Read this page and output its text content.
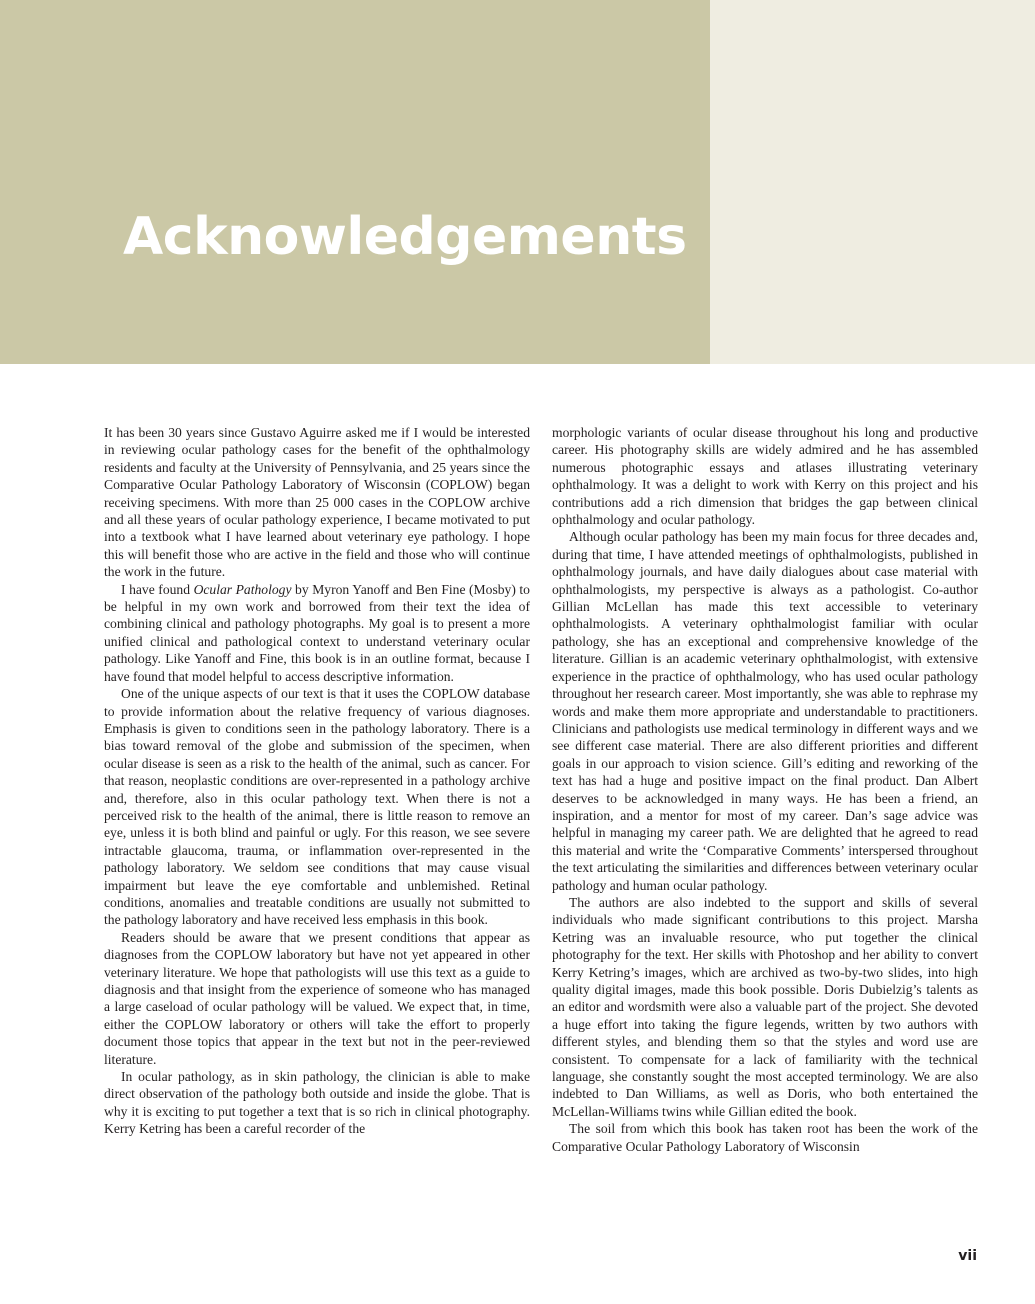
Acknowledgements

It has been 30 years since Gustavo Aguirre asked me if I would be interested in reviewing ocular pathology cases for the benefit of the ophthalmology residents and faculty at the University of Pennsylvania, and 25 years since the Comparative Ocular Pathology Laboratory of Wisconsin (COPLOW) began receiving specimens. With more than 25 000 cases in the COPLOW archive and all these years of ocular pathology experience, I became motivated to put into a textbook what I have learned about veterinary eye pathology. I hope this will benefit those who are active in the field and those who will continue the work in the future.

I have found Ocular Pathology by Myron Yanoff and Ben Fine (Mosby) to be helpful in my own work and borrowed from their text the idea of combining clinical and pathology photographs. My goal is to present a more unified clinical and pathological context to understand veterinary ocular pathology. Like Yanoff and Fine, this book is in an outline format, because I have found that model helpful to access descriptive information.

One of the unique aspects of our text is that it uses the COPLOW database to provide information about the relative frequency of various diagnoses. Emphasis is given to conditions seen in the pathology laboratory. There is a bias toward removal of the globe and submission of the specimen, when ocular disease is seen as a risk to the health of the animal, such as cancer. For that reason, neoplastic conditions are over-represented in a pathology archive and, therefore, also in this ocular pathology text. When there is not a perceived risk to the health of the animal, there is little reason to remove an eye, unless it is both blind and painful or ugly. For this reason, we see severe intractable glaucoma, trauma, or inflammation over-represented in the pathology laboratory. We seldom see conditions that may cause visual impairment but leave the eye comfortable and unblemished. Retinal conditions, anomalies and treatable conditions are usually not submitted to the pathology laboratory and have received less emphasis in this book.

Readers should be aware that we present conditions that appear as diagnoses from the COPLOW laboratory but have not yet appeared in other veterinary literature. We hope that pathologists will use this text as a guide to diagnosis and that insight from the experience of someone who has managed a large caseload of ocular pathology will be valued. We expect that, in time, either the COPLOW laboratory or others will take the effort to properly document those topics that appear in the text but not in the peer-reviewed literature.

In ocular pathology, as in skin pathology, the clinician is able to make direct observation of the pathology both outside and inside the globe. That is why it is exciting to put together a text that is so rich in clinical photography. Kerry Ketring has been a careful recorder of the

morphologic variants of ocular disease throughout his long and productive career. His photography skills are widely admired and he has assembled numerous photographic essays and atlases illustrating veterinary ophthalmology. It was a delight to work with Kerry on this project and his contributions add a rich dimension that bridges the gap between clinical ophthalmology and ocular pathology.

Although ocular pathology has been my main focus for three decades and, during that time, I have attended meetings of ophthalmologists, published in ophthalmology journals, and have daily dialogues about case material with ophthalmologists, my perspective is always as a pathologist. Co-author Gillian McLellan has made this text accessible to veterinary ophthalmologists. A veterinary ophthalmologist familiar with ocular pathology, she has an exceptional and comprehensive knowledge of the literature. Gillian is an academic veterinary ophthalmologist, with extensive experience in the practice of ophthalmology, who has used ocular pathology throughout her research career. Most importantly, she was able to rephrase my words and make them more appropriate and understandable to practitioners. Clinicians and pathologists use medical terminology in different ways and we see different case material. There are also different priorities and different goals in our approach to vision science. Gill’s editing and reworking of the text has had a huge and positive impact on the final product. Dan Albert deserves to be acknowledged in many ways. He has been a friend, an inspiration, and a mentor for most of my career. Dan’s sage advice was helpful in managing my career path. We are delighted that he agreed to read this material and write the ‘Comparative Comments’ interspersed throughout the text articulating the similarities and differences between veterinary ocular pathology and human ocular pathology.

The authors are also indebted to the support and skills of several individuals who made significant contributions to this project. Marsha Ketring was an invaluable resource, who put together the clinical photography for the text. Her skills with Photoshop and her ability to convert Kerry Ketring’s images, which are archived as two-by-two slides, into high quality digital images, made this book possible. Doris Dubielzig’s talents as an editor and wordsmith were also a valuable part of the project. She devoted a huge effort into taking the figure legends, written by two authors with different styles, and blending them so that the styles and word use are consistent. To compensate for a lack of familiarity with the technical language, she constantly sought the most accepted terminology. We are also indebted to Dan Williams, as well as Doris, who both entertained the McLellan-Williams twins while Gillian edited the book.

The soil from which this book has taken root has been the work of the Comparative Ocular Pathology Laboratory of Wisconsin

vii
